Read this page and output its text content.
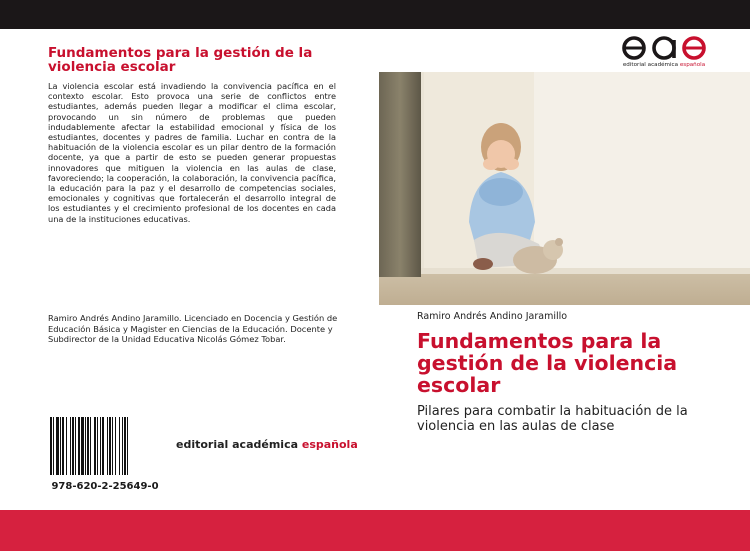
Fundamentos para la gestión de la violencia escolar
La violencia escolar está invadiendo la convivencia pacífica en el contexto escolar. Esto provoca una serie de conflictos entre estudiantes, además pueden llegar a modificar el clima escolar, provocando un sin número de problemas que pueden indudablemente afectar la estabilidad emocional y física de los estudiantes, docentes y padres de familia. Luchar en contra de la habituación de la violencia escolar es un pilar dentro de la formación docente, ya que a partir de esto se pueden generar propuestas innovadores que mitiguen la violencia en las aulas de clase, favoreciendo; la cooperación, la colaboración, la convivencia pacífica, la educación para la paz y el desarrollo de competencias sociales, emocionales y cognitivas que fortalecerán el desarrollo integral de los estudiantes y el crecimiento profesional de los docentes en cada una de la instituciones educativas.
Ramiro Andrés Andino Jaramillo. Licenciado en Docencia y Gestión de Educación Básica y Magister en Ciencias de la Educación. Docente y Subdirector de la Unidad Educativa Nicolás Gómez Tobar.
978-620-2-25649-0
editorial académica española
editorial académica española
Ramiro Andrés Andino Jaramillo
Fundamentos para la gestión de la violencia escolar
Pilares para combatir la habituación de la violencia en las aulas de clase
